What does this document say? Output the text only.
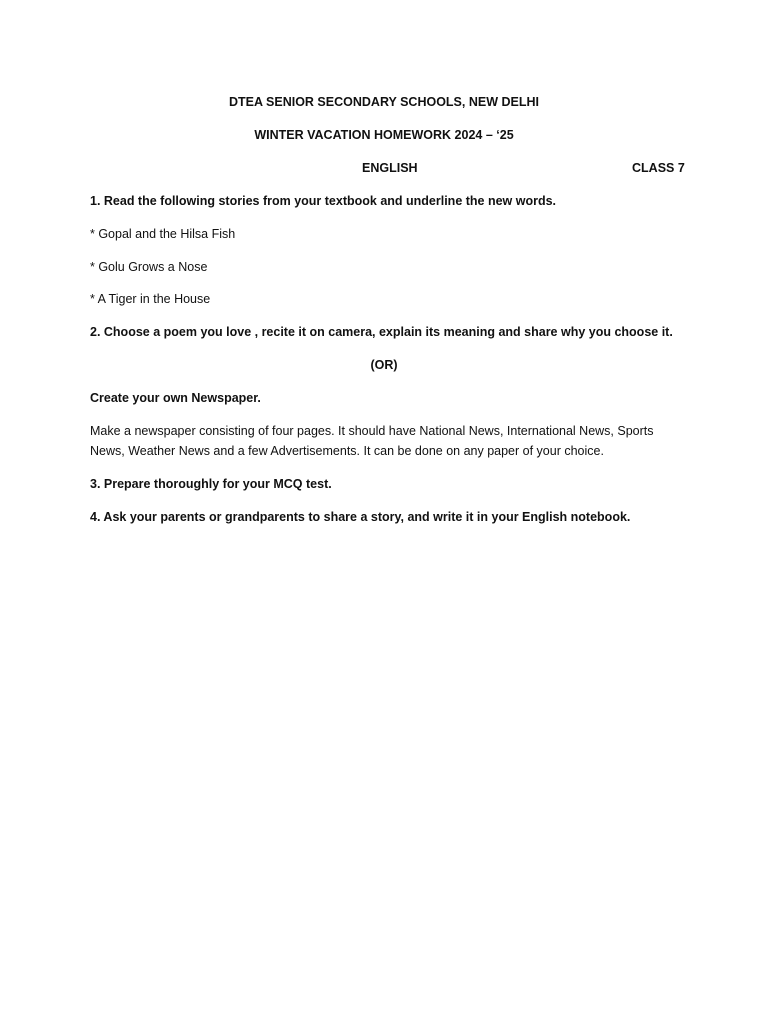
DTEA SENIOR SECONDARY SCHOOLS, NEW DELHI
WINTER VACATION HOMEWORK 2024 – ‘25
ENGLISH	CLASS 7
1. Read the following stories from your textbook and underline the new words.
* Gopal and the Hilsa Fish
* Golu Grows a Nose
* A Tiger in the House
2. Choose a poem you love , recite it on camera, explain its meaning and share why you choose it.
(OR)
Create your own Newspaper.
Make a newspaper consisting of four pages. It should have National News, International News, Sports News, Weather News and a few Advertisements. It can be done on any paper of your choice.
3. Prepare thoroughly for your MCQ test.
4. Ask your parents or grandparents to share a story, and write it in your English notebook.
